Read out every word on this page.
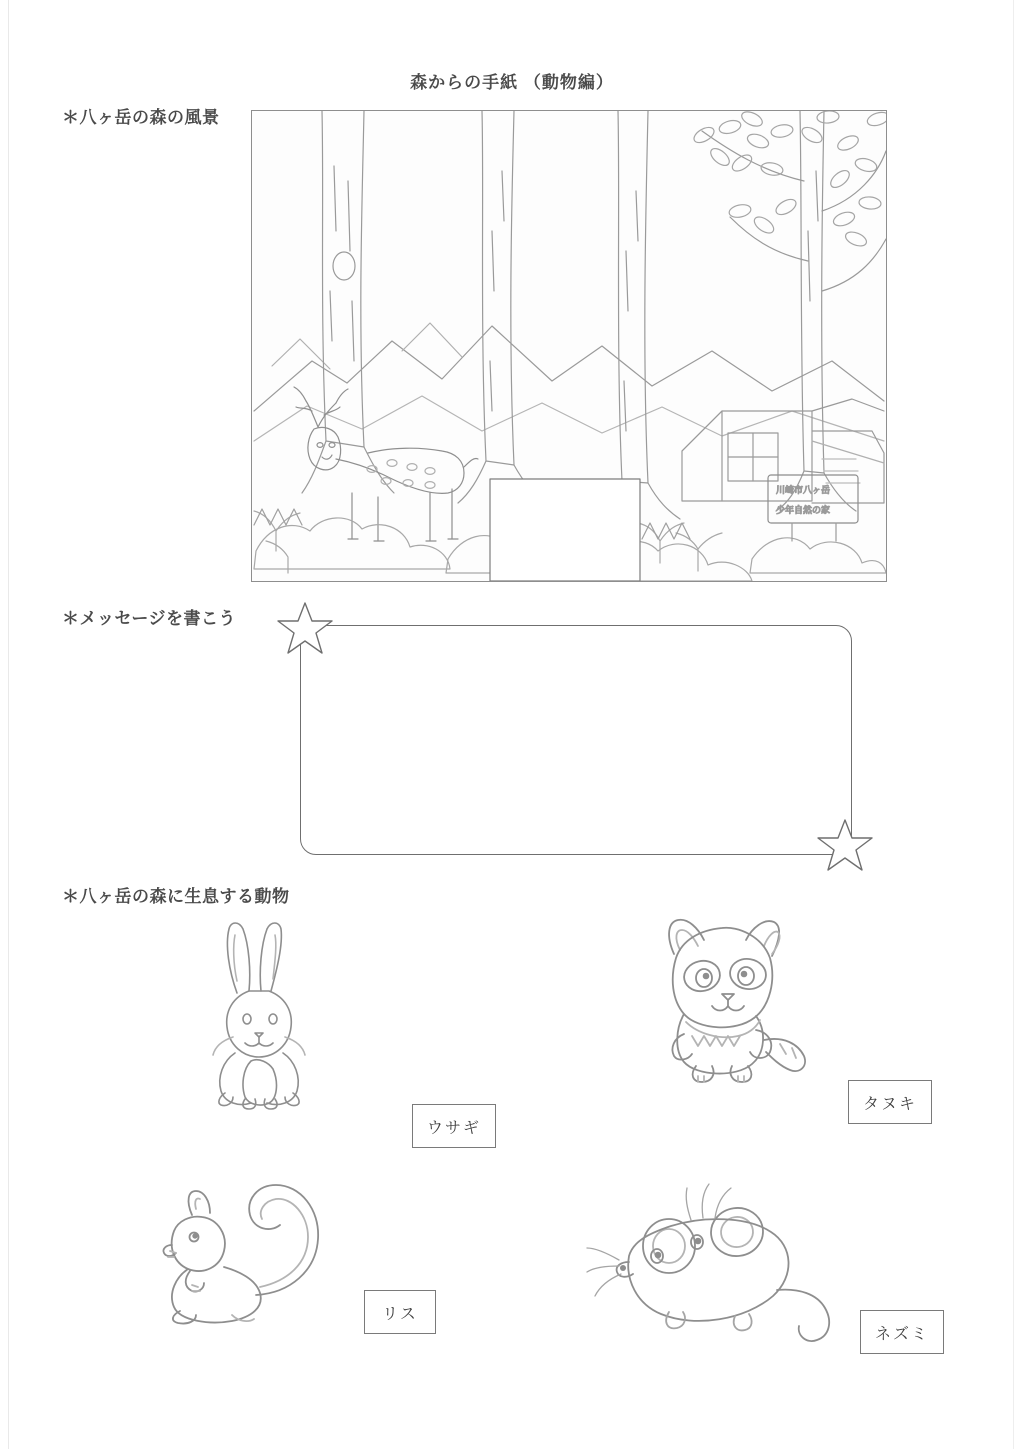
森からの手紙 （動物編）
＊八ヶ岳の森の風景
＊メッセージを書こう
＊八ヶ岳の森に生息する動物
川崎市八ヶ岳
少年自然の家
ウサギ
タヌキ
リス
ネズミ
